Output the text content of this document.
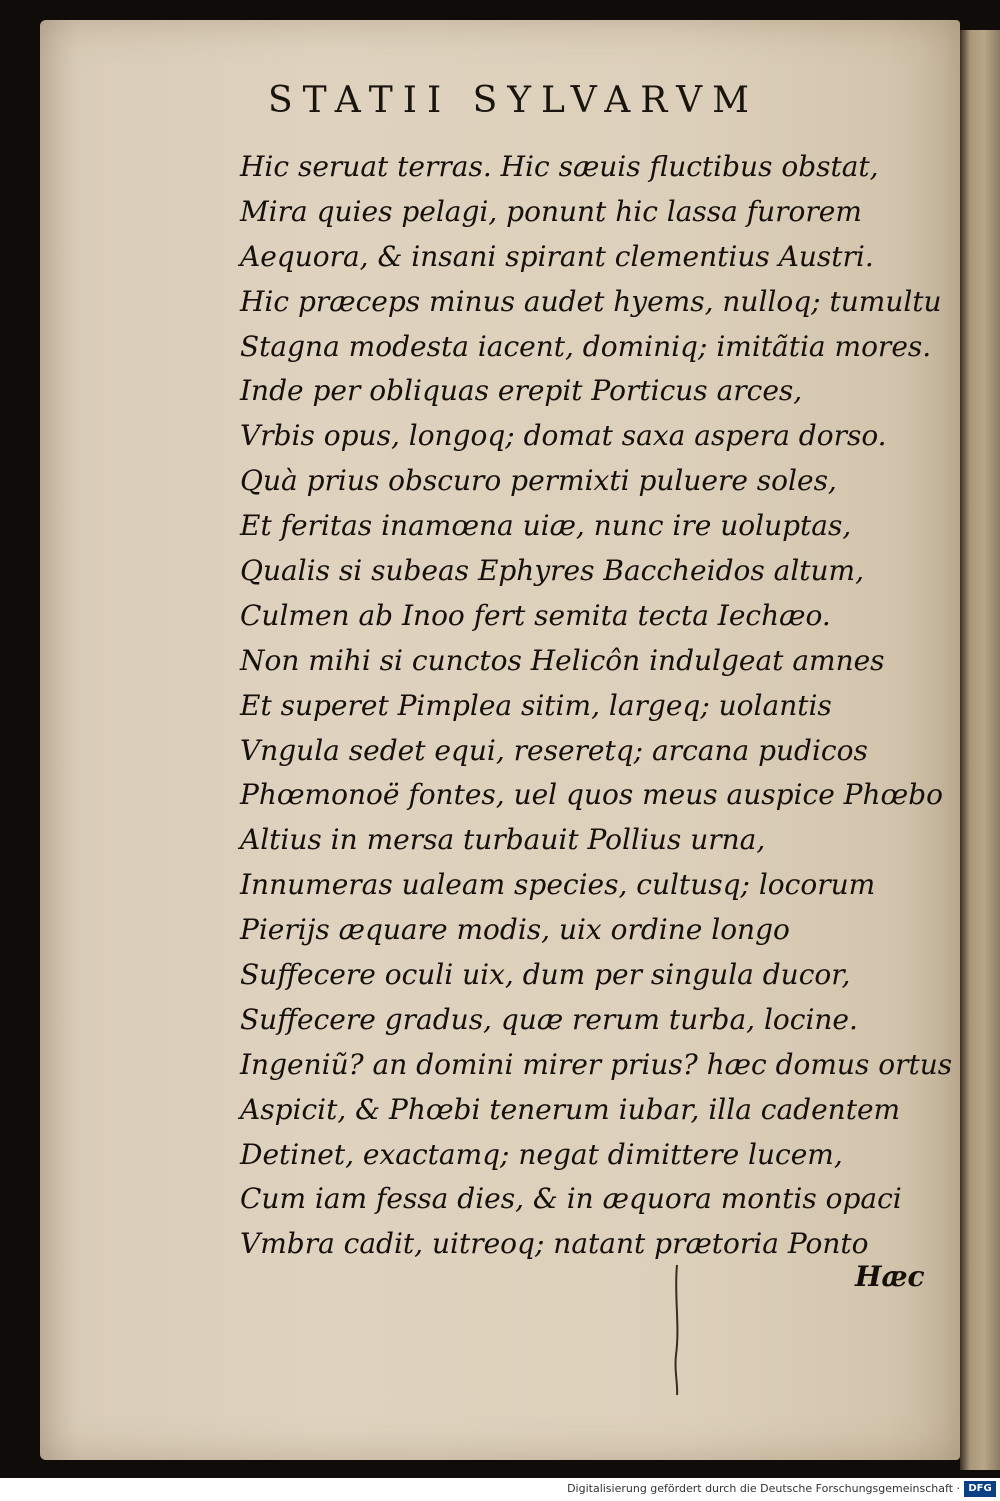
STATII SYLVARVM
Hic seruat terras. Hic sæuis fluctibus obstat,
Mira quies pelagi, ponunt hic lassa furorem
Aequora, & insani spirant clementius Austri.
Hic præceps minus audet hyems, nulloq; tumultu
Stagna modesta iacent, dominiq; imitãtia mores.
Inde per obliquas erepit Porticus arces,
Vrbis opus, longoq; domat saxa aspera dorso.
Quà prius obscuro permixti puluere soles,
Et feritas inamœna uiæ, nunc ire uoluptas,
Qualis si subeas Ephyres Baccheidos altum,
Culmen ab Inoo fert semita tecta Iechæo.
Non mihi si cunctos Helicôn indulgeat amnes
Et superet Pimplea sitim, largeq; uolantis
Vngula sedet equi, reseretq; arcana pudicos
Phœmonoë fontes, uel quos meus auspice Phœbo
Altius in mersa turbauit Pollius urna,
Innumeras ualeam species, cultusq; locorum
Pierijs æquare modis, uix ordine longo
Suffecere oculi uix, dum per singula ducor,
Suffecere gradus, quæ rerum turba, locine.
Ingeniũ? an domini mirer prius? hæc domus ortus
Aspicit, & Phœbi tenerum iubar, illa cadentem
Detinet, exactamq; negat dimittere lucem,
Cum iam fessa dies, & in æquora montis opaci
Vmbra cadit, uitreoq; natant prætoria Ponto
Hæc
Digitalisierung gefördert durch die Deutsche Forschungsgemeinschaft · DFG
